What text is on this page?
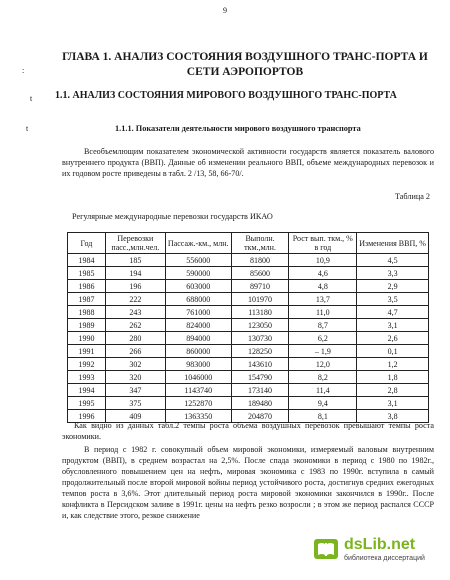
9
:
t
t
ГЛАВА 1. АНАЛИЗ СОСТОЯНИЯ ВОЗДУШНОГО ТРАНС-ПОРТА И СЕТИ АЭРОПОРТОВ
1.1. АНАЛИЗ СОСТОЯНИЯ МИРОВОГО ВОЗДУШНОГО ТРАНС-ПОРТА
1.1.1. Показатели деятельности мирового воздушного транспорта

Всеобъемлющим показателем экономической активности государств является показатель валового внутреннего продукта (ВВП). Данные об изменении реального ВВП, объеме международных перевозок и их годовом росте приведены в табл. 2 /13, 58, 66-70/.

Таблица 2
Регулярные международные перевозки государств ИКАО
Год	Перевозки пасс.,млн.чел.	Пассаж.-км., млн.	Выполн. ткм.,млн.	Рост вып. ткм., % в год	Изменения ВВП, %
1984	185	556000	81800	10,9	4,5
1985	194	590000	85600	4,6	3,3
1986	196	603000	89710	4,8	2,9
1987	222	688000	101970	13,7	3,5
1988	243	761000	113180	11,0	4,7
1989	262	824000	123050	8,7	3,1
1990	280	894000	130730	6,2	2,6
1991	266	860000	128250	– 1,9	0,1
1992	302	983000	143610	12,0	1,2
1993	320	1046000	154790	8,2	1,8
1994	347	1143740	173140	11,4	2,8
1995	375	1252870	189480	9,4	3,1
1996	409	1363350	204870	8,1	3,8

Как видно из данных табл.2 темпы роста объема воздушных перевозок превышают темпы роста экономики.

В период с 1982 г. совокупный объем мировой экономики, измеряемый валовым внутренним продуктом (ВВП), в среднем возрастал на 2,5%. После спада экономики в период с 1980 по 1982г., обусловленного повышением цен на нефть, мировая экономика с 1983 по 1990г. вступила в самый продолжительный после второй мировой войны период устойчивого роста, достигнув средних ежегодных темпов роста в 3,6%. Этот длительный период роста мировой экономики закончился в 1990г.. После конфликта в Персидском заливе в 1991г. цены на нефть резко возросли ; в этом же период распался СССР и, как следствие этого, резкое снижение

dsLib.net
библиотека диссертаций
